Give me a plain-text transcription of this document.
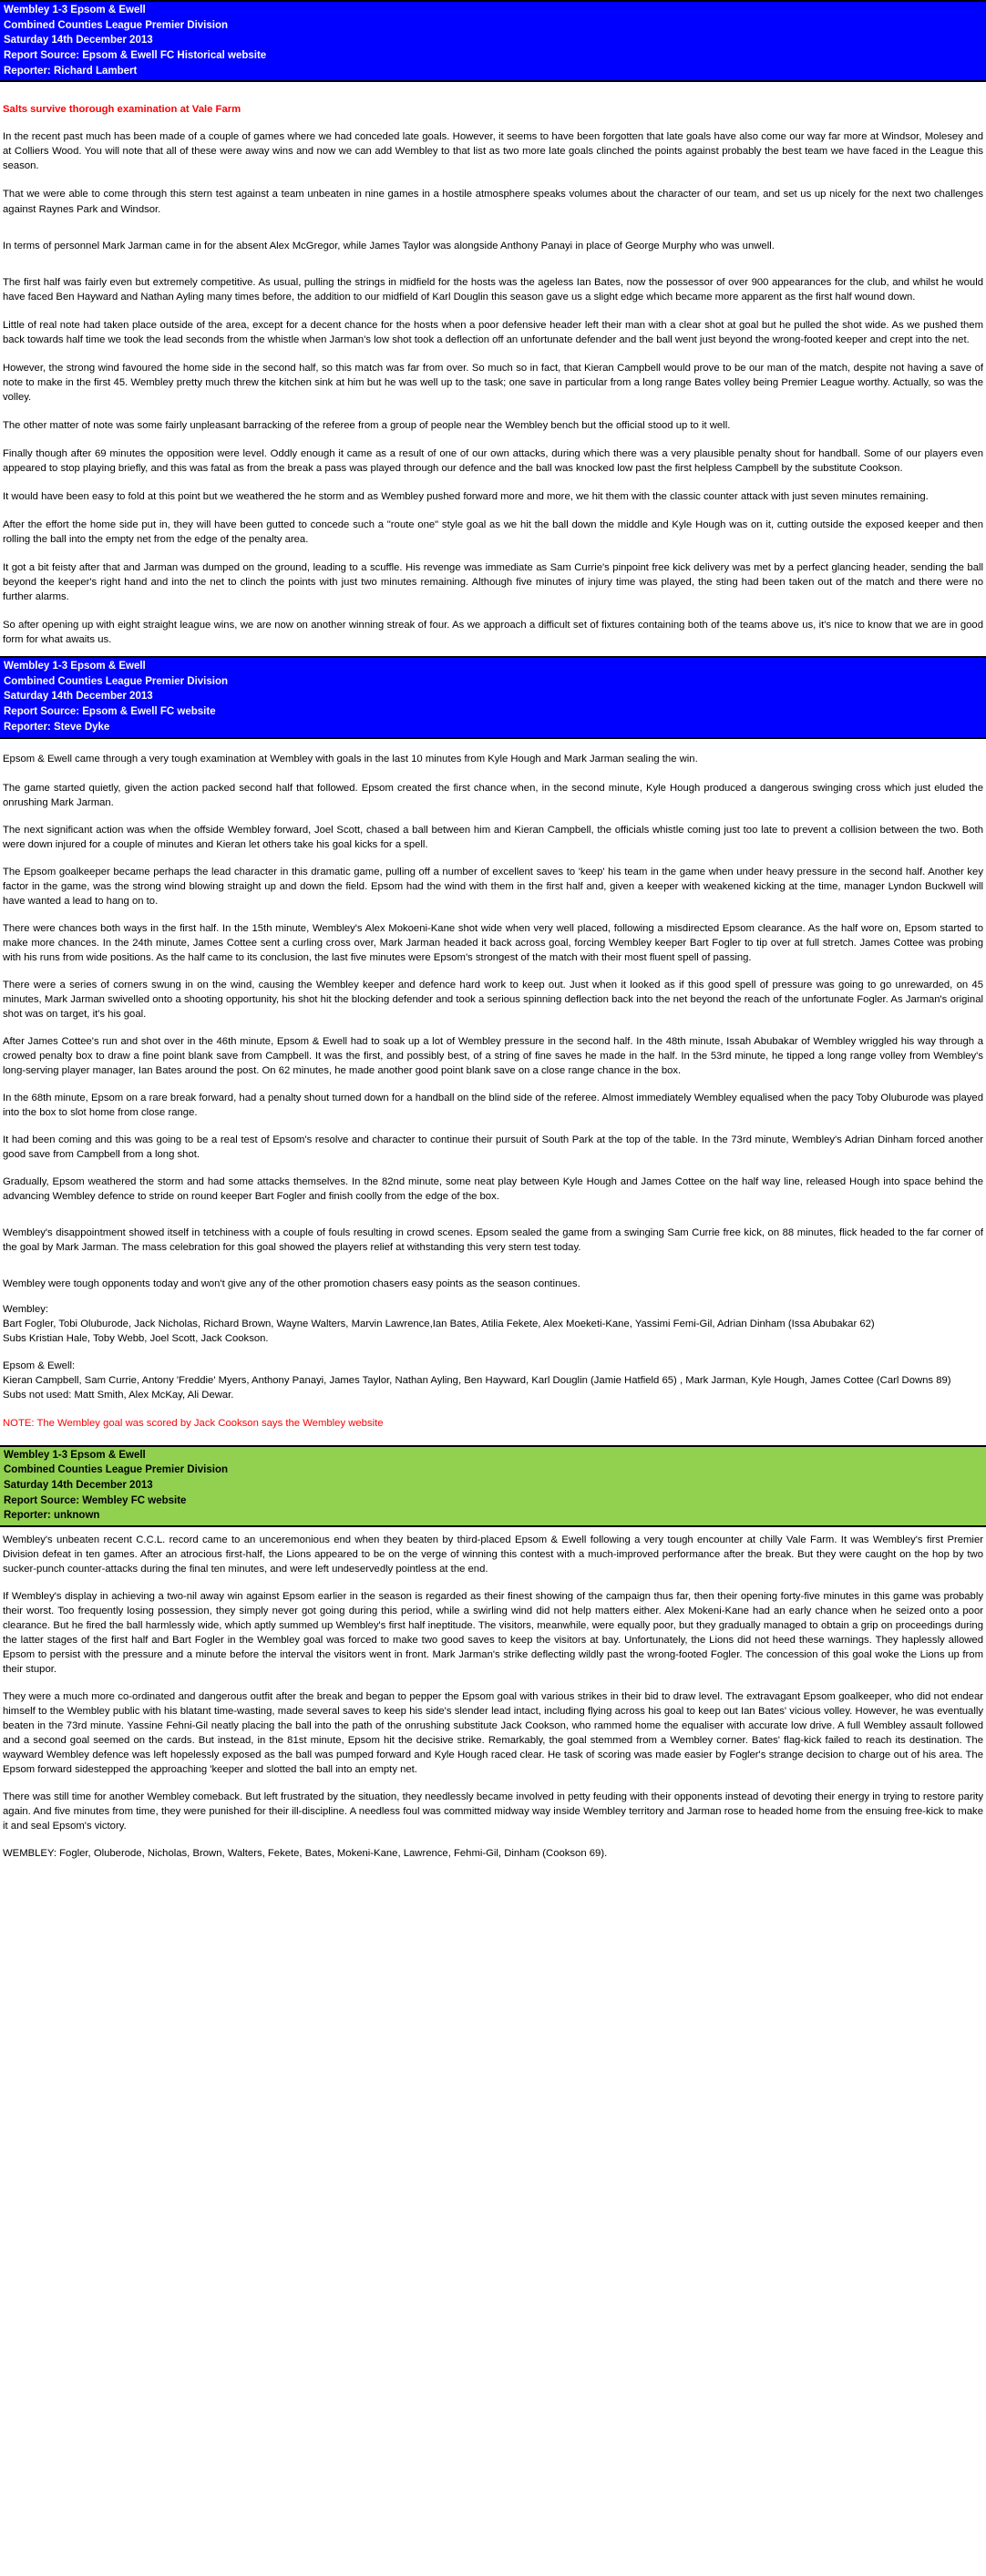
Wembley 1-3 Epsom & Ewell
Combined Counties League Premier Division
Saturday 14th December 2013
Report Source: Epsom & Ewell FC Historical website
Reporter: Richard Lambert

Salts survive thorough examination at Vale Farm

In the recent past much has been made of a couple of games where we had conceded late goals. However, it seems to have been forgotten that late goals have also come our way far more at Windsor, Molesey and at Colliers Wood. You will note that all of these were away wins and now we can add Wembley to that list as two more late goals clinched the points against probably the best team we have faced in the League this season.

That we were able to come through this stern test against a team unbeaten in nine games in a hostile atmosphere speaks volumes about the character of our team, and set us up nicely for the next two challenges against Raynes Park and Windsor.

In terms of personnel Mark Jarman came in for the absent Alex McGregor, while James Taylor was alongside Anthony Panayi in place of George Murphy who was unwell.

The first half was fairly even but extremely competitive. As usual, pulling the strings in midfield for the hosts was the ageless Ian Bates, now the possessor of over 900 appearances for the club, and whilst he would have faced Ben Hayward and Nathan Ayling many times before, the addition to our midfield of Karl Douglin this season gave us a slight edge which became more apparent as the first half wound down.

Little of real note had taken place outside of the area, except for a decent chance for the hosts when a poor defensive header left their man with a clear shot at goal but he pulled the shot wide. As we pushed them back towards half time we took the lead seconds from the whistle when Jarman's low shot took a deflection off an unfortunate defender and the ball went just beyond the wrong-footed keeper and crept into the net.

However, the strong wind favoured the home side in the second half, so this match was far from over. So much so in fact, that Kieran Campbell would prove to be our man of the match, despite not having a save of note to make in the first 45. Wembley pretty much threw the kitchen sink at him but he was well up to the task; one save in particular from a long range Bates volley being Premier League worthy. Actually, so was the volley.

The other matter of note was some fairly unpleasant barracking of the referee from a group of people near the Wembley bench but the official stood up to it well.

Finally though after 69 minutes the opposition were level. Oddly enough it came as a result of one of our own attacks, during which there was a very plausible penalty shout for handball. Some of our players even appeared to stop playing briefly, and this was fatal as from the break a pass was played through our defence and the ball was knocked low past the first helpless Campbell by the substitute Cookson.

It would have been easy to fold at this point but we weathered the he storm and as Wembley pushed forward more and more, we hit them with the classic counter attack with just seven minutes remaining.

After the effort the home side put in, they will have been gutted to concede such a "route one" style goal as we hit the ball down the middle and Kyle Hough was on it, cutting outside the exposed keeper and then rolling the ball into the empty net from the edge of the penalty area.

It got a bit feisty after that and Jarman was dumped on the ground, leading to a scuffle. His revenge was immediate as Sam Currie's pinpoint free kick delivery was met by a perfect glancing header, sending the ball beyond the keeper's right hand and into the net to clinch the points with just two minutes remaining. Although five minutes of injury time was played, the sting had been taken out of the match and there were no further alarms.

So after opening up with eight straight league wins, we are now on another winning streak of four. As we approach a difficult set of fixtures containing both of the teams above us, it's nice to know that we are in good form for what awaits us.

Wembley 1-3 Epsom & Ewell
Combined Counties League Premier Division
Saturday 14th December 2013
Report Source: Epsom & Ewell FC website
Reporter: Steve Dyke

Epsom & Ewell came through a very tough examination at Wembley with goals in the last 10 minutes from Kyle Hough and Mark Jarman sealing the win.

The game started quietly, given the action packed second half that followed. Epsom created the first chance when, in the second minute, Kyle Hough produced a dangerous swinging cross which just eluded the onrushing Mark Jarman.

The next significant action was when the offside Wembley forward, Joel Scott, chased a ball between him and Kieran Campbell, the officials whistle coming just too late to prevent a collision between the two. Both were down injured for a couple of minutes and Kieran let others take his goal kicks for a spell.

The Epsom goalkeeper became perhaps the lead character in this dramatic game, pulling off a number of excellent saves to 'keep' his team in the game when under heavy pressure in the second half. Another key factor in the game, was the strong wind blowing straight up and down the field. Epsom had the wind with them in the first half and, given a keeper with weakened kicking at the time, manager Lyndon Buckwell will have wanted a lead to hang on to.

There were chances both ways in the first half. In the 15th minute, Wembley's Alex Mokoeni-Kane shot wide when very well placed, following a misdirected Epsom clearance. As the half wore on, Epsom started to make more chances. In the 24th minute, James Cottee sent a curling cross over, Mark Jarman headed it back across goal, forcing Wembley keeper Bart Fogler to tip over at full stretch. James Cottee was probing with his runs from wide positions. As the half came to its conclusion, the last five minutes were Epsom's strongest of the match with their most fluent spell of passing.

There were a series of corners swung in on the wind, causing the Wembley keeper and defence hard work to keep out. Just when it looked as if this good spell of pressure was going to go unrewarded, on 45 minutes, Mark Jarman swivelled onto a shooting opportunity, his shot hit the blocking defender and took a serious spinning deflection back into the net beyond the reach of the unfortunate Fogler. As Jarman's original shot was on target, it's his goal.

After James Cottee's run and shot over in the 46th minute, Epsom & Ewell had to soak up a lot of Wembley pressure in the second half. In the 48th minute, Issah Abubakar of Wembley wriggled his way through a crowed penalty box to draw a fine point blank save from Campbell. It was the first, and possibly best, of a string of fine saves he made in the half. In the 53rd minute, he tipped a long range volley from Wembley's long-serving player manager, Ian Bates around the post. On 62 minutes, he made another good point blank save on a close range chance in the box.

In the 68th minute, Epsom on a rare break forward, had a penalty shout turned down for a handball on the blind side of the referee. Almost immediately Wembley equalised when the pacy Toby Oluburode was played into the box to slot home from close range.

It had been coming and this was going to be a real test of Epsom's resolve and character to continue their pursuit of South Park at the top of the table. In the 73rd minute, Wembley's Adrian Dinham forced another good save from Campbell from a long shot.

Gradually, Epsom weathered the storm and had some attacks themselves. In the 82nd minute, some neat play between Kyle Hough and James Cottee on the half way line, released Hough into space behind the advancing Wembley defence to stride on round keeper Bart Fogler and finish coolly from the edge of the box.

Wembley's disappointment showed itself in tetchiness with a couple of fouls resulting in crowd scenes. Epsom sealed the game from a swinging Sam Currie free kick, on 88 minutes, flick headed to the far corner of the goal by Mark Jarman. The mass celebration for this goal showed the players relief at withstanding this very stern test today.

Wembley were tough opponents today and won't give any of the other promotion chasers easy points as the season continues.

Wembley:

Bart Fogler, Tobi Oluburode, Jack Nicholas, Richard Brown, Wayne Walters, Marvin Lawrence,Ian Bates, Atilia Fekete, Alex Moeketi-Kane, Yassimi Femi-Gil, Adrian Dinham (Issa Abubakar 62)

Subs Kristian Hale, Toby Webb, Joel Scott, Jack Cookson.

Epsom & Ewell:

Kieran Campbell, Sam Currie, Antony 'Freddie' Myers, Anthony Panayi, James Taylor, Nathan Ayling, Ben Hayward, Karl Douglin (Jamie Hatfield 65) , Mark Jarman, Kyle Hough, James Cottee (Carl Downs 89)

Subs not used: Matt Smith, Alex McKay, Ali Dewar.

NOTE: The Wembley goal was scored by Jack Cookson says the Wembley website

Wembley 1-3 Epsom & Ewell
Combined Counties League Premier Division
Saturday 14th December 2013
Report Source: Wembley FC website
Reporter: unknown

Wembley's unbeaten recent C.C.L. record came to an unceremonious end when they beaten by third-placed Epsom & Ewell following a very tough encounter at chilly Vale Farm. It was Wembley's first Premier Division defeat in ten games. After an atrocious first-half, the Lions appeared to be on the verge of winning this contest with a much-improved performance after the break. But they were caught on the hop by two sucker-punch counter-attacks during the final ten minutes, and were left undeservedly pointless at the end.

If Wembley's display in achieving a two-nil away win against Epsom earlier in the season is regarded as their finest showing of the campaign thus far, then their opening forty-five minutes in this game was probably their worst. Too frequently losing possession, they simply never got going during this period, while a swirling wind did not help matters either. Alex Mokeni-Kane had an early chance when he seized onto a poor clearance. But he fired the ball harmlessly wide, which aptly summed up Wembley's first half ineptitude. The visitors, meanwhile, were equally poor, but they gradually managed to obtain a grip on proceedings during the latter stages of the first half and Bart Fogler in the Wembley goal was forced to make two good saves to keep the visitors at bay. Unfortunately, the Lions did not heed these warnings. They haplessly allowed Epsom to persist with the pressure and a minute before the interval the visitors went in front. Mark Jarman's strike deflecting wildly past the wrong-footed Fogler. The concession of this goal woke the Lions up from their stupor.

They were a much more co-ordinated and dangerous outfit after the break and began to pepper the Epsom goal with various strikes in their bid to draw level. The extravagant Epsom goalkeeper, who did not endear himself to the Wembley public with his blatant time-wasting, made several saves to keep his side's slender lead intact, including flying across his goal to keep out Ian Bates' vicious volley. However, he was eventually beaten in the 73rd minute. Yassine Fehni-Gil neatly placing the ball into the path of the onrushing substitute Jack Cookson, who rammed home the equaliser with accurate low drive. A full Wembley assault followed and a second goal seemed on the cards. But instead, in the 81st minute, Epsom hit the decisive strike. Remarkably, the goal stemmed from a Wembley corner. Bates' flag-kick failed to reach its destination. The wayward Wembley defence was left hopelessly exposed as the ball was pumped forward and Kyle Hough raced clear. He task of scoring was made easier by Fogler's strange decision to charge out of his area. The Epsom forward sidestepped the approaching 'keeper and slotted the ball into an empty net.

There was still time for another Wembley comeback. But left frustrated by the situation, they needlessly became involved in petty feuding with their opponents instead of devoting their energy in trying to restore parity again. And five minutes from time, they were punished for their ill-discipline. A needless foul was committed midway way inside Wembley territory and Jarman rose to headed home from the ensuing free-kick to make it and seal Epsom's victory.

WEMBLEY: Fogler, Oluberode, Nicholas, Brown, Walters, Fekete, Bates, Mokeni-Kane, Lawrence, Fehmi-Gil, Dinham (Cookson 69).
